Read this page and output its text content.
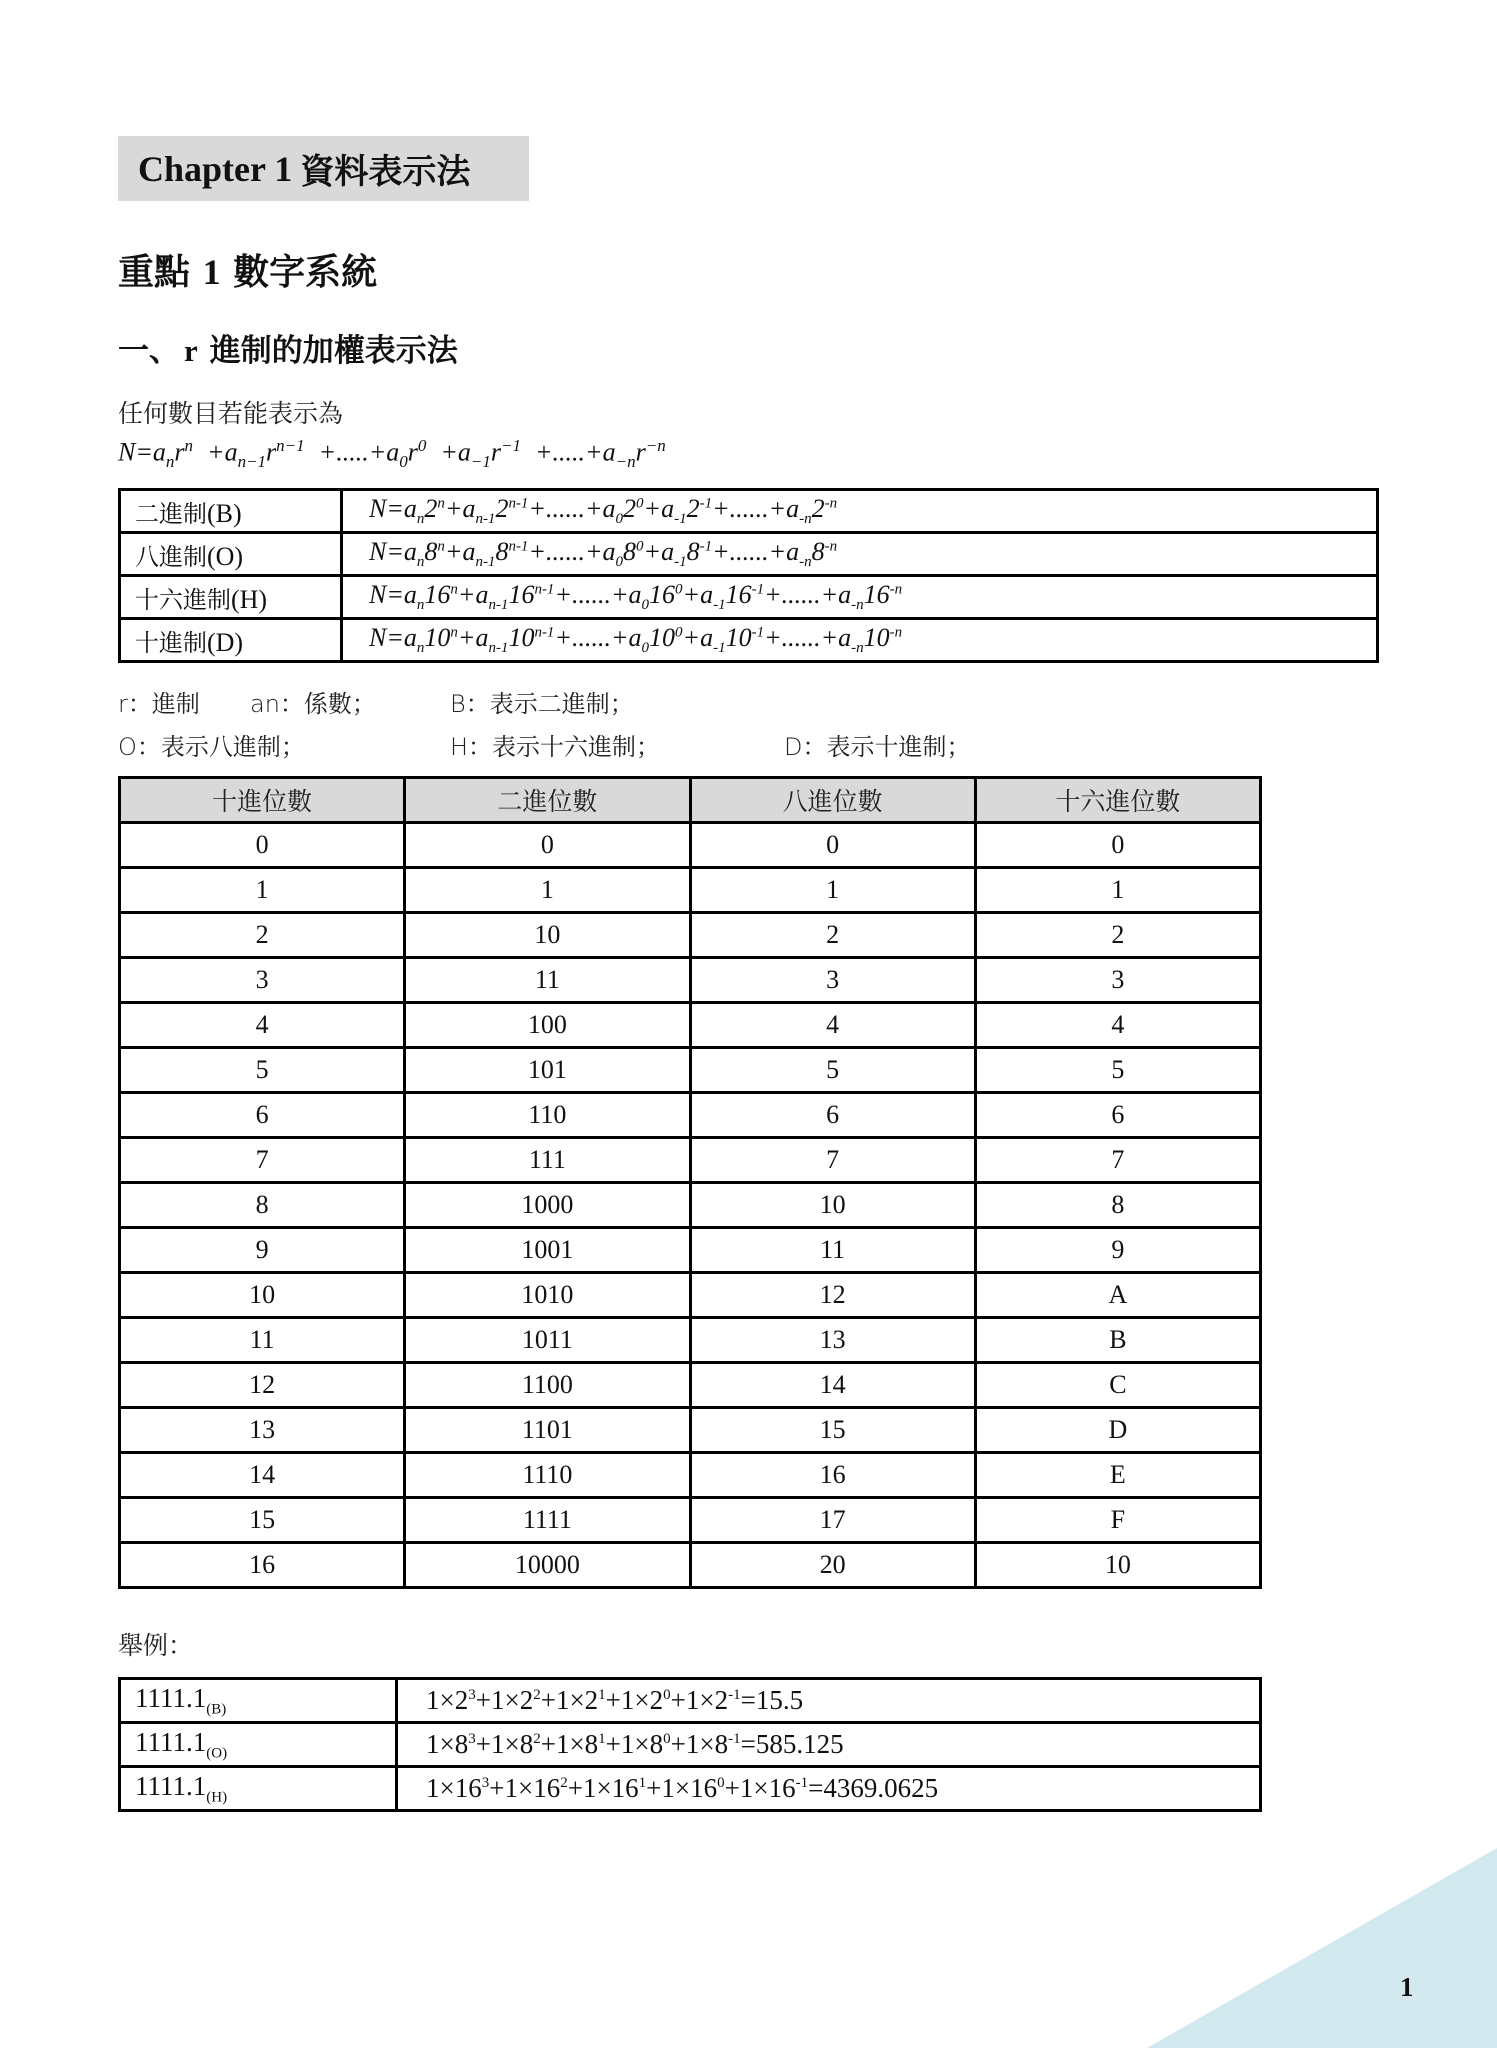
Chapter 1 資料表示法
重點 1 數字系統
一、 r 進制的加權表示法
任何數目若能表示為
$N=a_nr^n +a_{n-1}r^{n-1} +.....+a_0r^0 +a_{-1}r^{-1} +.....+a_{-n}r^{-n}$
二進制(B)	$N=a_n2^n+a_{n-1}2^{n-1}+......+a_02^0+a_{-1}2^{-1}+......+a_{-n}2^{-n}$
八進制(O)	$N=a_n8^n+a_{n-1}8^{n-1}+......+a_08^0+a_{-1}8^{-1}+......+a_{-n}8^{-n}$
十六進制(H)	$N=a_n16^n+a_{n-1}16^{n-1}+......+a_016^0+a_{-1}16^{-1}+......+a_{-n}16^{-n}$
十進制(D)	$N=a_n10^n+a_{n-1}10^{n-1}+......+a_010^0+a_{-1}10^{-1}+......+a_{-n}10^{-n}$
r：進制 an：係數；	B：表示二進制；
O：表示八進制；	H：表示十六進制；	D：表示十進制；
十進位數	二進位數	八進位數	十六進位數
0	0	0	0
1	1	1	1
2	10	2	2
3	11	3	3
4	100	4	4
5	101	5	5
6	110	6	6
7	111	7	7
8	1000	10	8
9	1001	11	9
10	1010	12	A
11	1011	13	B
12	1100	14	C
13	1101	15	D
14	1110	16	E
15	1111	17	F
16	10000	20	10
舉例：
$1111.1_{(B)}$	$1\times 2^3+1\times 2^2+1\times 2^1+1\times 2^0+1\times 2^{-1}=15.5$
$1111.1_{(O)}$	$1\times 8^3+1\times 8^2+1\times 8^1+1\times 8^0+1\times 8^{-1}=585.125$
$1111.1_{(H)}$	$1\times 16^3+1\times 16^2+1\times 16^1+1\times 16^0+1\times 16^{-1}=4369.0625$
1
